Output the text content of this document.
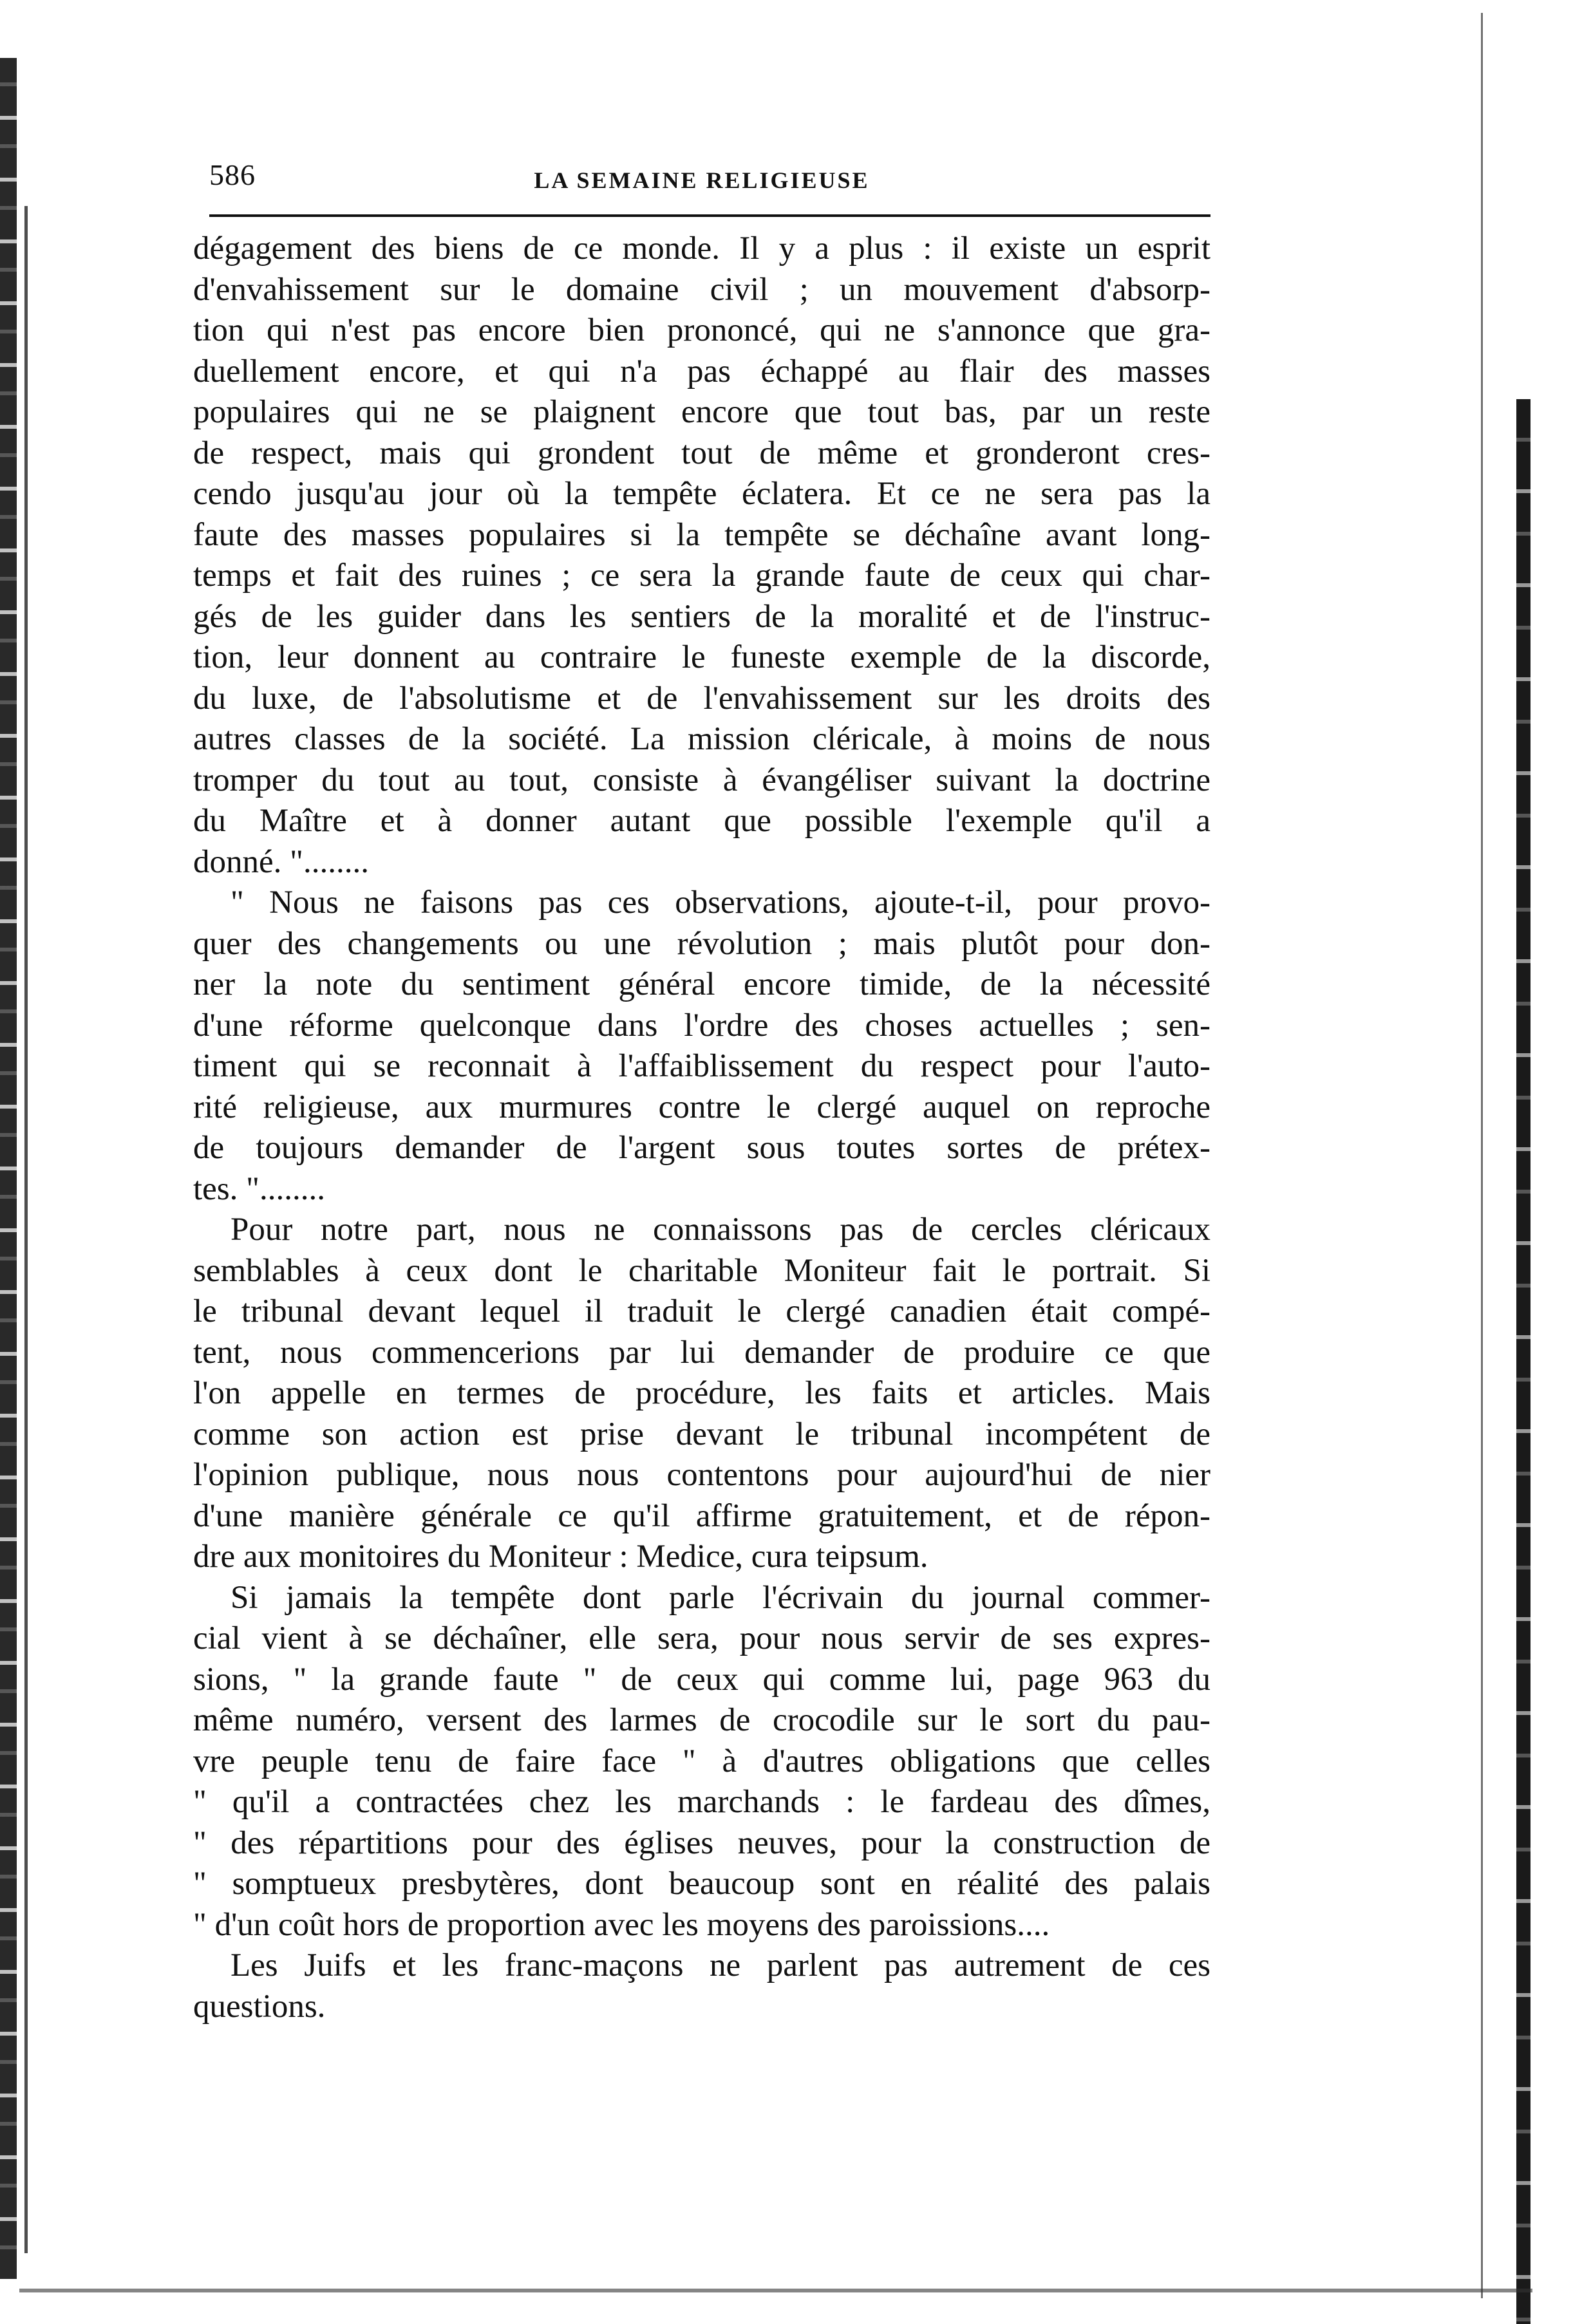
586	LA SEMAINE RELIGIEUSE

dégagement des biens de ce monde. Il y a plus : il existe un esprit
d'envahissement sur le domaine civil ; un mouvement d'absorp-
tion qui n'est pas encore bien prononcé, qui ne s'annonce que gra-
duellement encore, et qui n'a pas échappé au flair des masses
populaires qui ne se plaignent encore que tout bas, par un reste
de respect, mais qui grondent tout de même et gronderont cres-
cendo jusqu'au jour où la tempête éclatera. Et ce ne sera pas la
faute des masses populaires si la tempête se déchaîne avant long-
temps et fait des ruines ; ce sera la grande faute de ceux qui char-
gés de les guider dans les sentiers de la moralité et de l'instruc-
tion, leur donnent au contraire le funeste exemple de la discorde,
du luxe, de l'absolutisme et de l'envahissement sur les droits des
autres classes de la société. La mission cléricale, à moins de nous
tromper du tout au tout, consiste à évangéliser suivant la doctrine
du Maître et à donner autant que possible l'exemple qu'il a
donné. "........

" Nous ne faisons pas ces observations, ajoute-t-il, pour provo-
quer des changements ou une révolution ; mais plutôt pour don-
ner la note du sentiment général encore timide, de la nécessité
d'une réforme quelconque dans l'ordre des choses actuelles ; sen-
timent qui se reconnait à l'affaiblissement du respect pour l'auto-
rité religieuse, aux murmures contre le clergé auquel on reproche
de toujours demander de l'argent sous toutes sortes de prétex-
tes. "........

Pour notre part, nous ne connaissons pas de cercles cléricaux
semblables à ceux dont le charitable Moniteur fait le portrait. Si
le tribunal devant lequel il traduit le clergé canadien était compé-
tent, nous commencerions par lui demander de produire ce que
l'on appelle en termes de procédure, les faits et articles. Mais
comme son action est prise devant le tribunal incompétent de
l'opinion publique, nous nous contentons pour aujourd'hui de nier
d'une manière générale ce qu'il affirme gratuitement, et de répon-
dre aux monitoires du Moniteur : Medice, cura teipsum.

Si jamais la tempête dont parle l'écrivain du journal commer-
cial vient à se déchaîner, elle sera, pour nous servir de ses expres-
sions, " la grande faute " de ceux qui comme lui, page 963 du
même numéro, versent des larmes de crocodile sur le sort du pau-
vre peuple tenu de faire face " à d'autres obligations que celles
" qu'il a contractées chez les marchands : le fardeau des dîmes,
" des répartitions pour des églises neuves, pour la construction de
" somptueux presbytères, dont beaucoup sont en réalité des palais
" d'un coût hors de proportion avec les moyens des paroissions....

Les Juifs et les franc-maçons ne parlent pas autrement de ces
questions.
